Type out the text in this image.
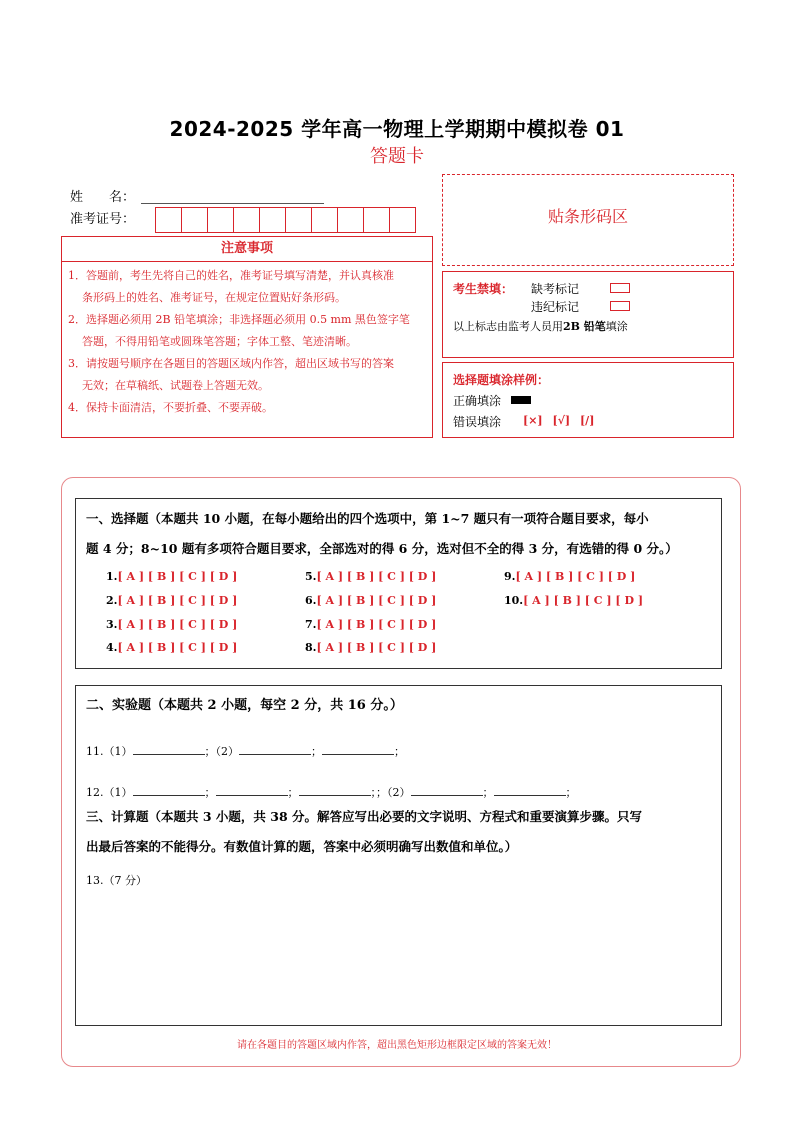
2024-2025 学年高一物理上学期期中模拟卷 01
答题卡
姓　　名：
准考证号：
注意事项
1．答题前，考生先将自己的姓名，准考证号填写清楚，并认真核准
条形码上的姓名、准考证号，在规定位置贴好条形码。
2．选择题必须用 2B 铅笔填涂；非选择题必须用 0.5 mm 黑色签字笔
答题，不得用铅笔或圆珠笔答题；字体工整、笔迹清晰。
3．请按题号顺序在各题目的答题区域内作答，超出区域书写的答案
无效；在草稿纸、试题卷上答题无效。
4．保持卡面清洁，不要折叠、不要弄破。
贴条形码区
考生禁填： 缺考标记
违纪标记
以上标志由监考人员用2B 铅笔填涂
选择题填涂样例：
正确填涂
错误填涂 [×] [√] [/]
一、选择题（本题共 10 小题，在每小题给出的四个选项中，第 1~7 题只有一项符合题目要求，每小
题 4 分；8~10 题有多项符合题目要求，全部选对的得 6 分，选对但不全的得 3 分，有选错的得 0 分。）
1.[ A ] [ B ] [ C ] [ D ]
2.[ A ] [ B ] [ C ] [ D ]
3.[ A ] [ B ] [ C ] [ D ]
4.[ A ] [ B ] [ C ] [ D ]
5.[ A ] [ B ] [ C ] [ D ]
6.[ A ] [ B ] [ C ] [ D ]
7.[ A ] [ B ] [ C ] [ D ]
8.[ A ] [ B ] [ C ] [ D ]
9.[ A ] [ B ] [ C ] [ D ]
10.[ A ] [ B ] [ C ] [ D ]
二、实验题（本题共 2 小题，每空 2 分，共 16 分。）
11.（1）	；（2）	；	；
12.（1）	；	；	；；（2）	；	；
三、计算题（本题共 3 小题，共 38 分。解答应写出必要的文字说明、方程式和重要演算步骤。只写
出最后答案的不能得分。有数值计算的题，答案中必须明确写出数值和单位。）
13.（7 分）
请在各题目的答题区域内作答，超出黑色矩形边框限定区域的答案无效！
